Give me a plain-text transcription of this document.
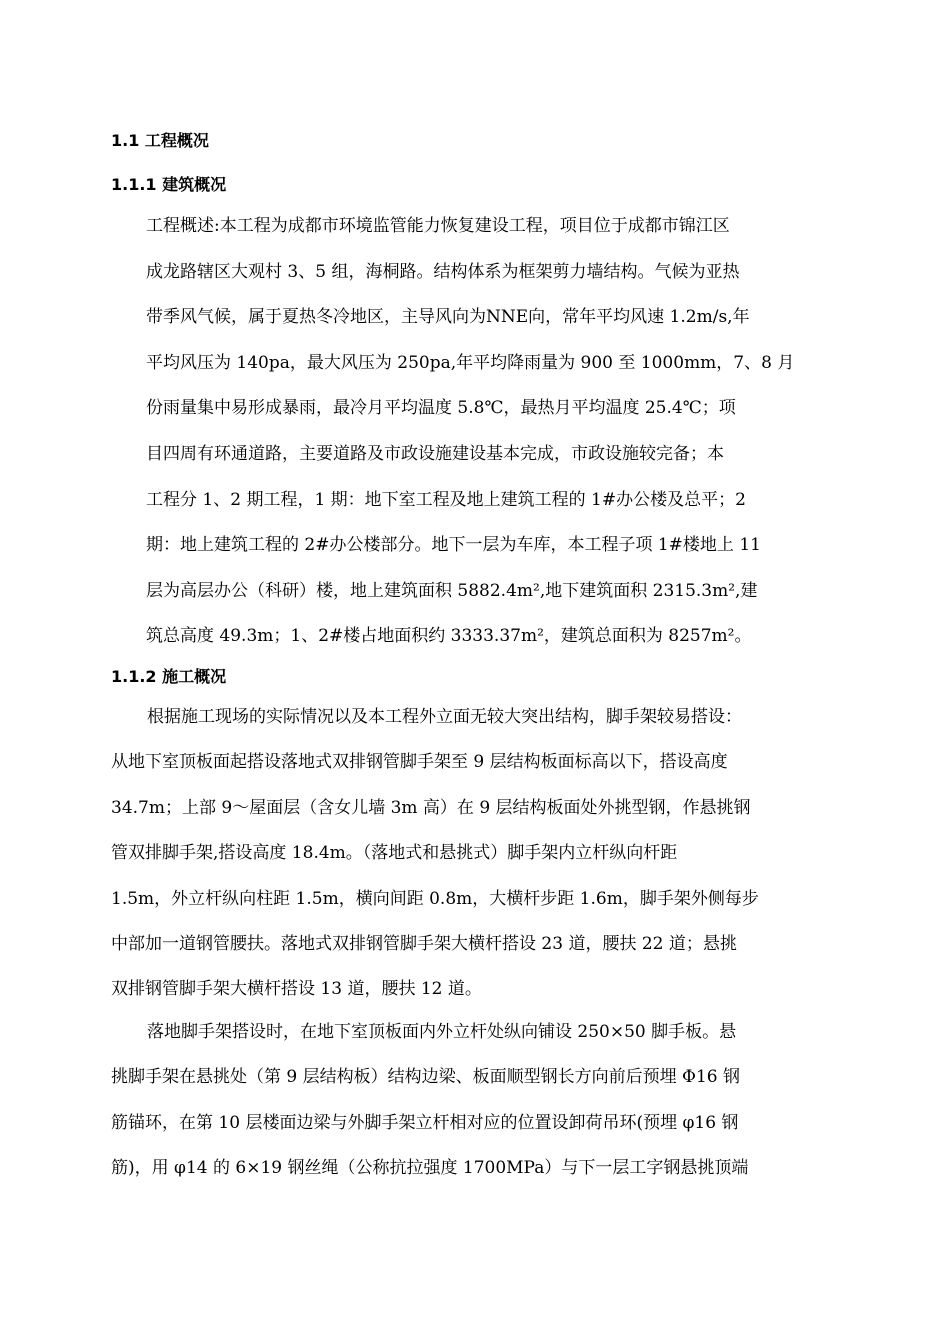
1.1 工程概况
1.1.1 建筑概况
工程概述:本工程为成都市环境监管能力恢复建设工程，项目位于成都市锦江区
成龙路辖区大观村 3、5 组，海桐路。结构体系为框架剪力墙结构。气候为亚热
带季风气候，属于夏热冬冷地区，主导风向为NNE向，常年平均风速 1.2m/s,年
平均风压为 140pa，最大风压为 250pa,年平均降雨量为 900 至 1000mm，7、8 月
份雨量集中易形成暴雨，最冷月平均温度 5.8℃，最热月平均温度 25.4℃；项
目四周有环通道路，主要道路及市政设施建设基本完成，市政设施较完备；本
工程分 1、2 期工程，1 期：地下室工程及地上建筑工程的 1#办公楼及总平；2
期：地上建筑工程的 2#办公楼部分。地下一层为车库，本工程子项 1#楼地上 11
层为高层办公（科研）楼，地上建筑面积 5882.4m²,地下建筑面积 2315.3m²,建
筑总高度 49.3m；1、2#楼占地面积约 3333.37m²，建筑总面积为 8257m²。
1.1.2 施工概况
根据施工现场的实际情况以及本工程外立面无较大突出结构，脚手架较易搭设：
从地下室顶板面起搭设落地式双排钢管脚手架至 9 层结构板面标高以下，搭设高度
34.7m；上部 9～屋面层（含女儿墙 3m 高）在 9 层结构板面处外挑型钢，作悬挑钢
管双排脚手架,搭设高度 18.4m。（落地式和悬挑式）脚手架内立杆纵向杆距
1.5m，外立杆纵向柱距 1.5m，横向间距 0.8m，大横杆步距 1.6m，脚手架外侧每步
中部加一道钢管腰扶。落地式双排钢管脚手架大横杆搭设 23 道，腰扶 22 道；悬挑
双排钢管脚手架大横杆搭设 13 道，腰扶 12 道。
落地脚手架搭设时，在地下室顶板面内外立杆处纵向铺设 250×50 脚手板。悬
挑脚手架在悬挑处（第 9 层结构板）结构边梁、板面顺型钢长方向前后预埋 Φ16 钢
筋锚环，在第 10 层楼面边梁与外脚手架立杆相对应的位置设卸荷吊环(预埋 φ16 钢
筋)，用 φ14 的 6×19 钢丝绳（公称抗拉强度 1700MPa）与下一层工字钢悬挑顶端
